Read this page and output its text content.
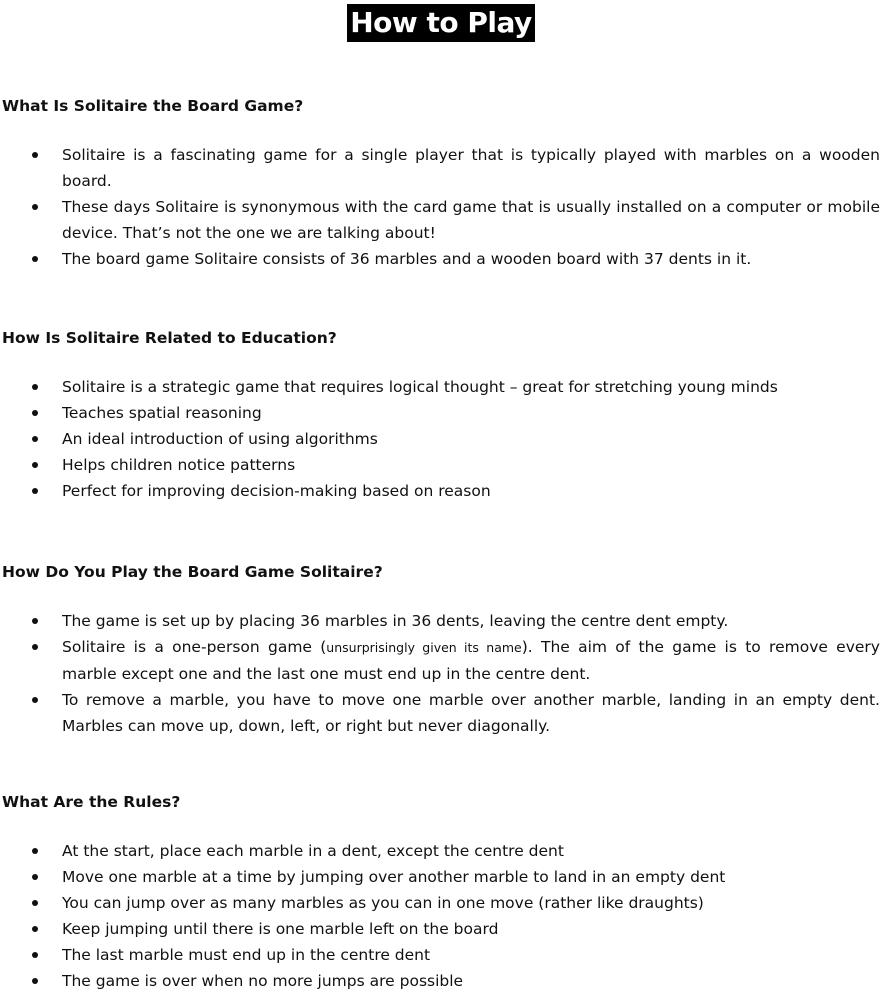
How to Play
What Is Solitaire the Board Game?
Solitaire is a fascinating game for a single player that is typically played with marbles on a wooden board.
These days Solitaire is synonymous with the card game that is usually installed on a computer or mobile device. That’s not the one we are talking about!
The board game Solitaire consists of 36 marbles and a wooden board with 37 dents in it.
How Is Solitaire Related to Education?
Solitaire is a strategic game that requires logical thought – great for stretching young minds
Teaches spatial reasoning
An ideal introduction of using algorithms
Helps children notice patterns
Perfect for improving decision-making based on reason
How Do You Play the Board Game Solitaire?
The game is set up by placing 36 marbles in 36 dents, leaving the centre dent empty.
Solitaire is a one-person game (unsurprisingly given its name). The aim of the game is to remove every marble except one and the last one must end up in the centre dent.
To remove a marble, you have to move one marble over another marble, landing in an empty dent. Marbles can move up, down, left, or right but never diagonally.
What Are the Rules?
At the start, place each marble in a dent, except the centre dent
Move one marble at a time by jumping over another marble to land in an empty dent
You can jump over as many marbles as you can in one move (rather like draughts)
Keep jumping until there is one marble left on the board
The last marble must end up in the centre dent
The game is over when no more jumps are possible
